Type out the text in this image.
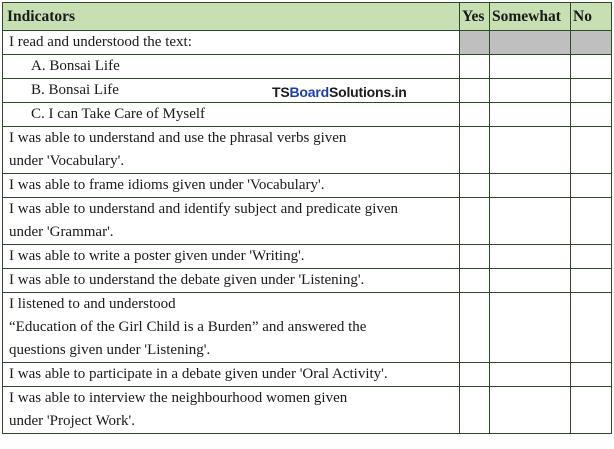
Indicators	Yes	Somewhat	No

I read and understood the text:			

A. Bonsai Life			

B. Bonsai Life			

C. I can Take Care of Myself			

I was able to understand and use the phrasal verbs given
under 'Vocabulary'.			

I was able to frame idioms given under 'Vocabulary'.			

I was able to understand and identify subject and predicate given
under 'Grammar'.			

I was able to write a poster given under 'Writing'.			

I was able to understand the debate given under 'Listening'.			

I listened to and understood
“Education of the Girl Child is a Burden” and answered the
questions given under 'Listening'.			

I was able to participate in a debate given under 'Oral Activity'.			

I was able to interview the neighbourhood women given
under 'Project Work'.			

TSBoardSolutions.in
